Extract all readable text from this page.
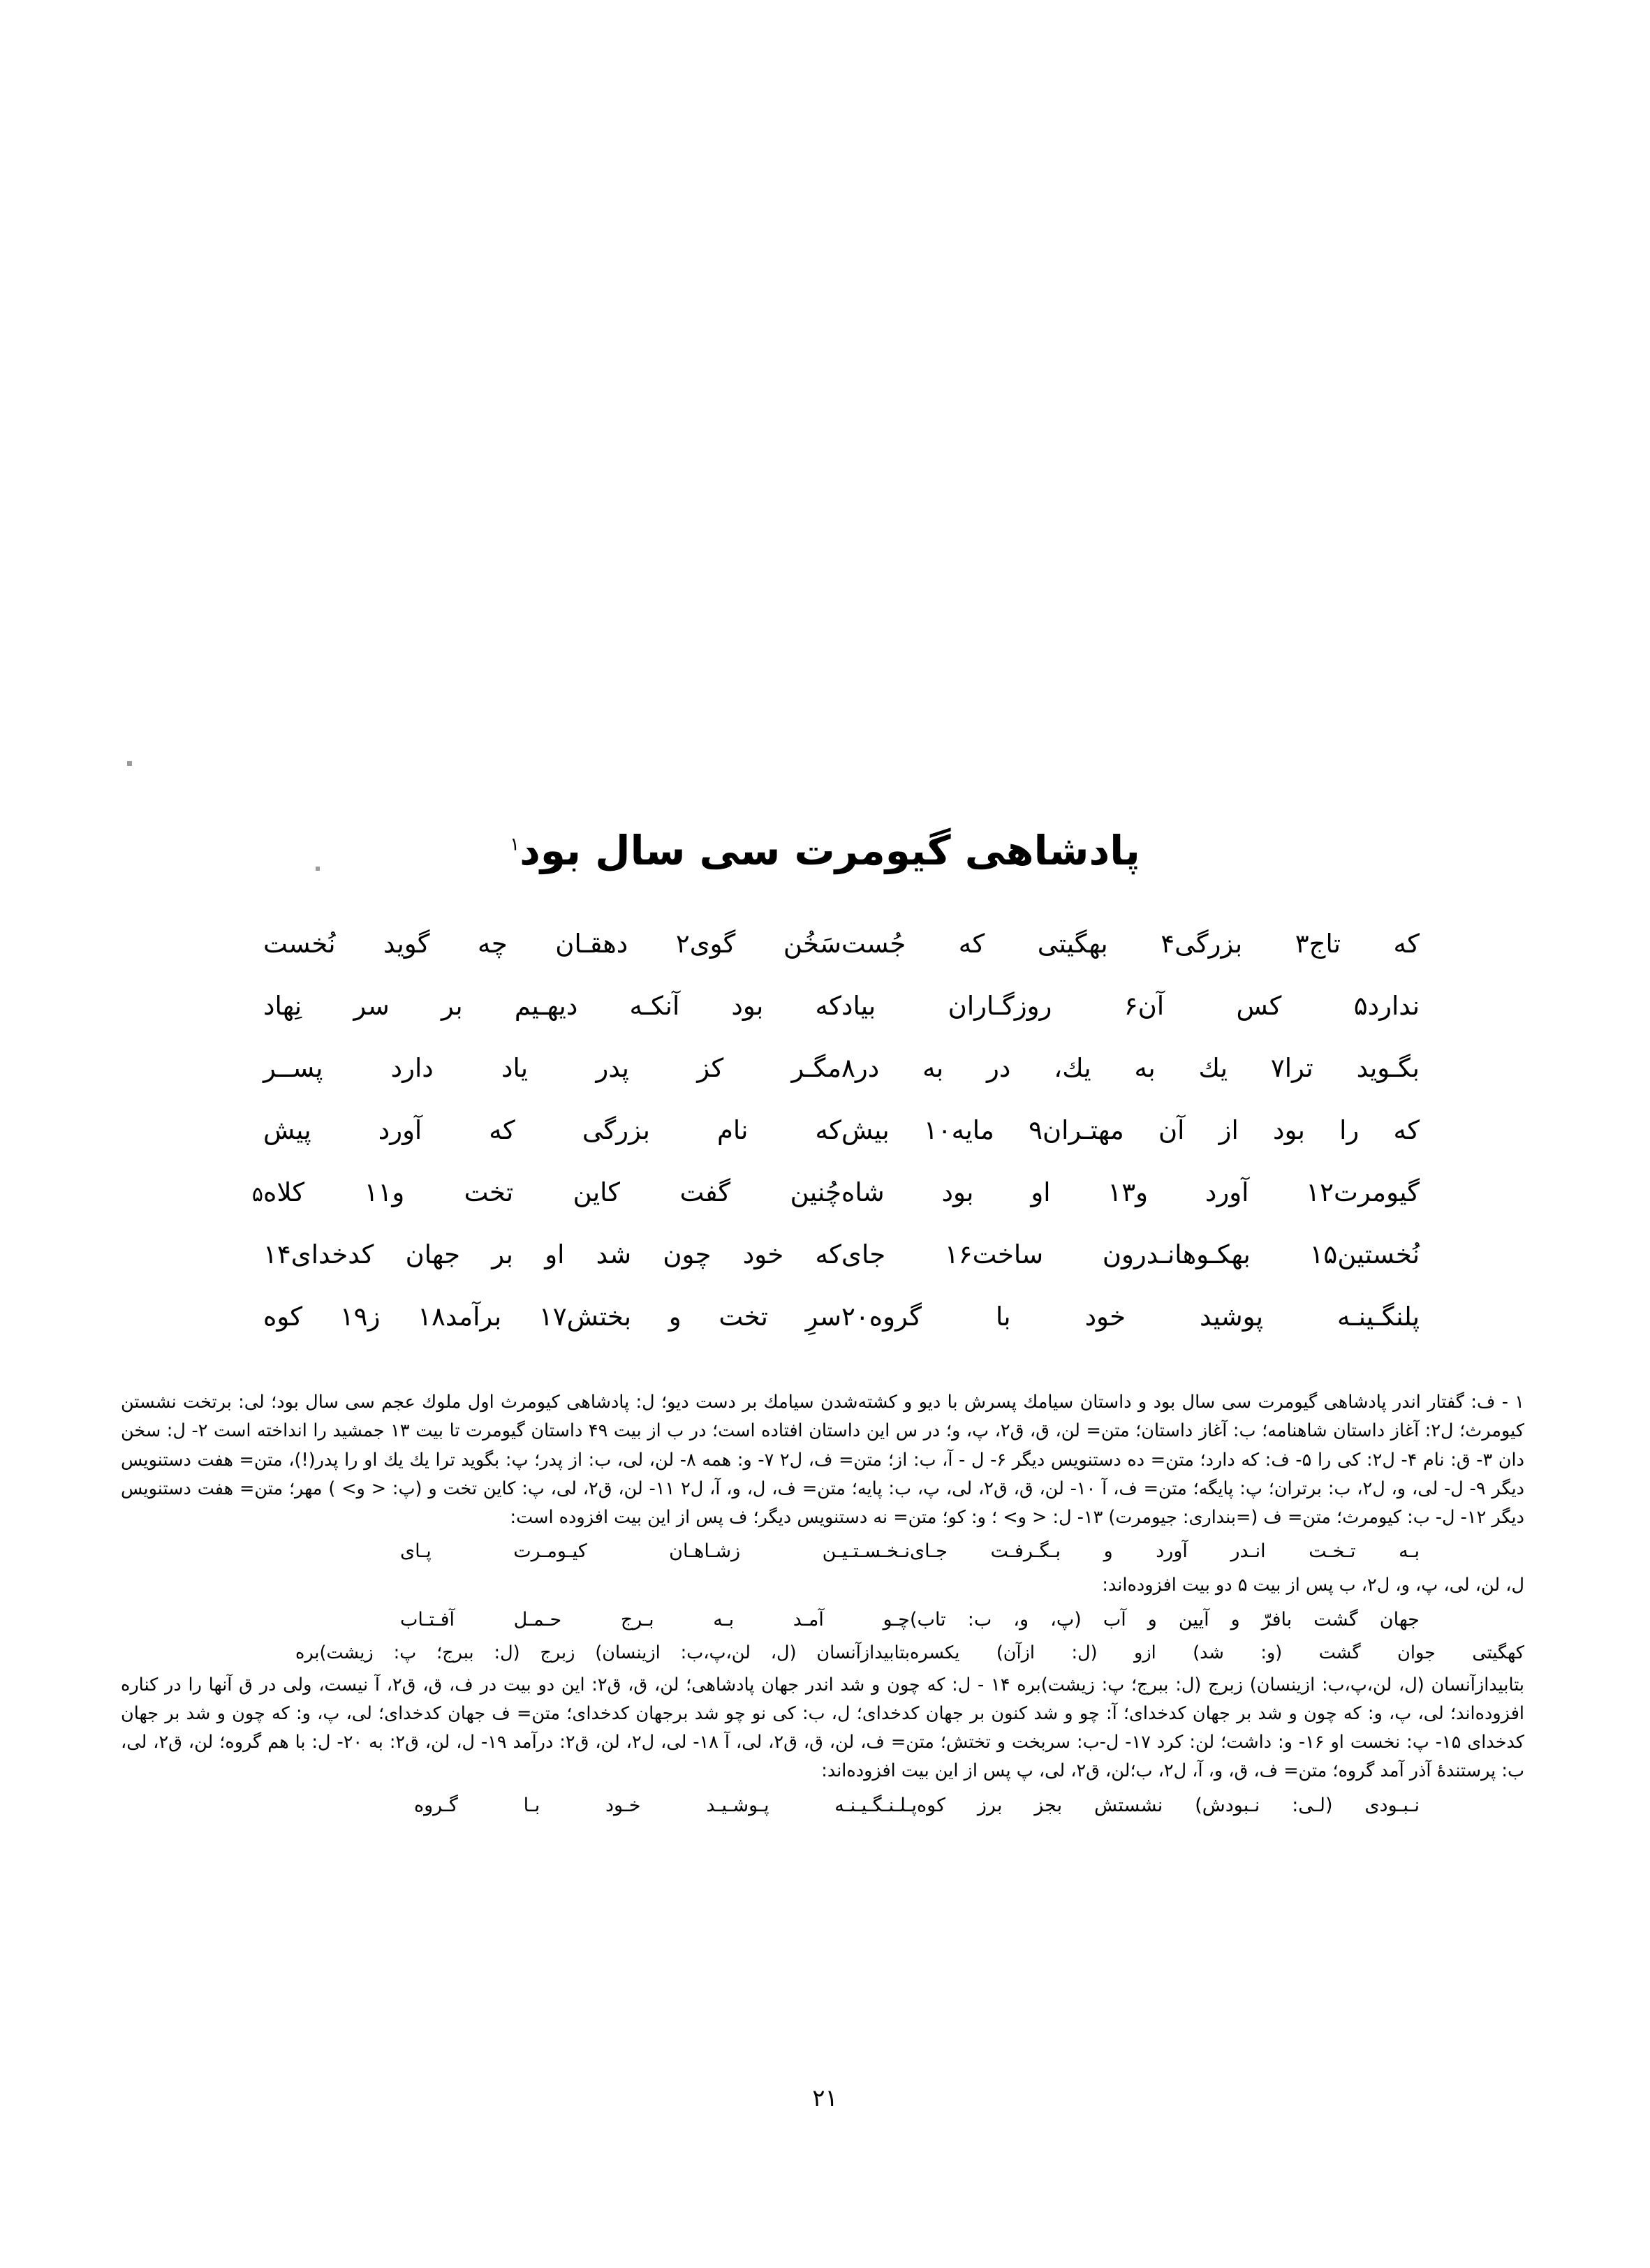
پادشاهی گیومرت سی سال بود$^۱$
که تاج۳ بزرگی۴ بهگیتی که جُست
سَخُن گوی۲ دهقـان چه گوید نُخست
ندارد۵ کس آن۶ روزگـاران بیاد
که بود آنکـه دیهـیم بر سر نِهاد
بگـوید ترا۷ یك به یك، در به در۸
مگـر کز پدر یاد دارد پســر
که را بود از آن مهتـران۹ مایه۱۰ بیش
که نام بزرگی که آورد پیش
گیومرت۱۲ آورد و۱۳ او بود شاه
چُنین گفت کاین تخت و۱۱ کلاه
۵
نُخستین۱۵ بهکـوهانـدرون ساخت۱۶ جای
که خود چون شد او بر جهان کدخدای۱۴
پلنگـینـه پوشید خود با گروه۲۰
سرِ تخت و بختش۱۷ برآمد۱۸ ز۱۹ کوه

۱ - ف: گفتار اندر پادشاهی گیومرت سی سال بود و داستان سیامك پسرش با دیو و کشته‌شدن سیامك بر دست دیو؛ ل: پادشاهی کیومرث اول ملوك عجم سی سال بود؛ لی: برتخت نشستن کیومرث؛ ل۲: آغاز داستان شاهنامه؛ ب: آغاز داستان؛ متن= لن، ق، ق۲، پ، و؛ در س این داستان افتاده است؛ در ب از بیت ۴۹ داستان گیومرت تا بیت ۱۳ جمشید را انداخته است ۲- ل: سخن دان ۳- ق: نام ۴- ل۲: کی را ۵- ف: که دارد؛ متن= ده دستنویس دیگر ۶- ل - آ، ب: از؛ متن= ف، ل۲ ۷- و: همه ۸- لن، لی، ب: از پدر؛ پ: بگوید ترا یك یك او را پدر(!)، متن= هفت دستنویس دیگر ۹- ل- لی، و، ل۲، ب: برتران؛ پ: پایگه؛ متن= ف، آ ۱۰- لن، ق، ق۲، لی، پ، ب: پایه؛ متن= ف، ل، و، آ، ل۲ ۱۱- لن، ق۲، لی، پ: کاین تخت و (پ: < و> ) مهر؛ متن= هفت دستنویس دیگر ۱۲- ل- ب: کیومرث؛ متن= ف (=بنداری: جیومرت) ۱۳- ل: < و> ؛ و: کو؛ متن= نه دستنویس دیگر؛ ف پس از این بیت افزوده است:

بـه تـخـت انـدر آورد و بـگـرفـت جـای
نـخـسـتـیـن زشـاهـان کیـومـرت پـای

ل، لن، لی، پ، و، ل۲، ب پس از بیت ۵ دو بیت افزوده‌اند:

جهان گشت بافرّ و آیین و آب (پ، و، ب: تاب)
چـو آمـد بـه بـرج حـمـل آفـتـاب
کهگیتی جوان گشت (و: شد) ازو (ل: ازآن) یکسره
بتابیدازآنسان (ل، لن،پ،ب: ازینسان) زبرج (ل: ببرج؛ پ: زیشت)بره

بتابیدازآنسان (ل، لن،پ،ب: ازینسان) زبرج (ل: ببرج؛ پ: زیشت)بره ۱۴ - ل: که چون و شد اندر جهان پادشاهی؛ لن، ق، ق۲: این دو بیت در ف، ق، ق۲، آ نیست، ولی در ق آنها را در کناره افزوده‌اند؛ لی، پ، و: که چون و شد بر جهان کدخدای؛ آ: چو و شد کنون بر جهان کدخدای؛ ل، ب: کی نو چو شد برجهان کدخدای؛ متن= ف جهان کدخدای؛ لی، پ، و: که چون و شد بر جهان کدخدای ۱۵- پ: نخست او ۱۶- و: داشت؛ لن: کرد ۱۷- ل-ب: سربخت و تختش؛ متن= ف، لن، ق، ق۲، لی، آ ۱۸- لی، ل۲، لن، ق۲: درآمد ۱۹- ل، لن، ق۲: به ۲۰- ل: با هم گروه؛ لن، ق۲، لی، ب: پرستندۀ آذر آمد گروه؛ متن= ف، ق، و، آ، ل۲، ب؛لن، ق۲، لی، پ پس از این بیت افزوده‌اند:

نـبـودی (لـی: نـبودش) نشستش بجز برز کوه
پـلـنـگـیـنـه پـوشـیـد خـود بـا گـروه
۲۱
